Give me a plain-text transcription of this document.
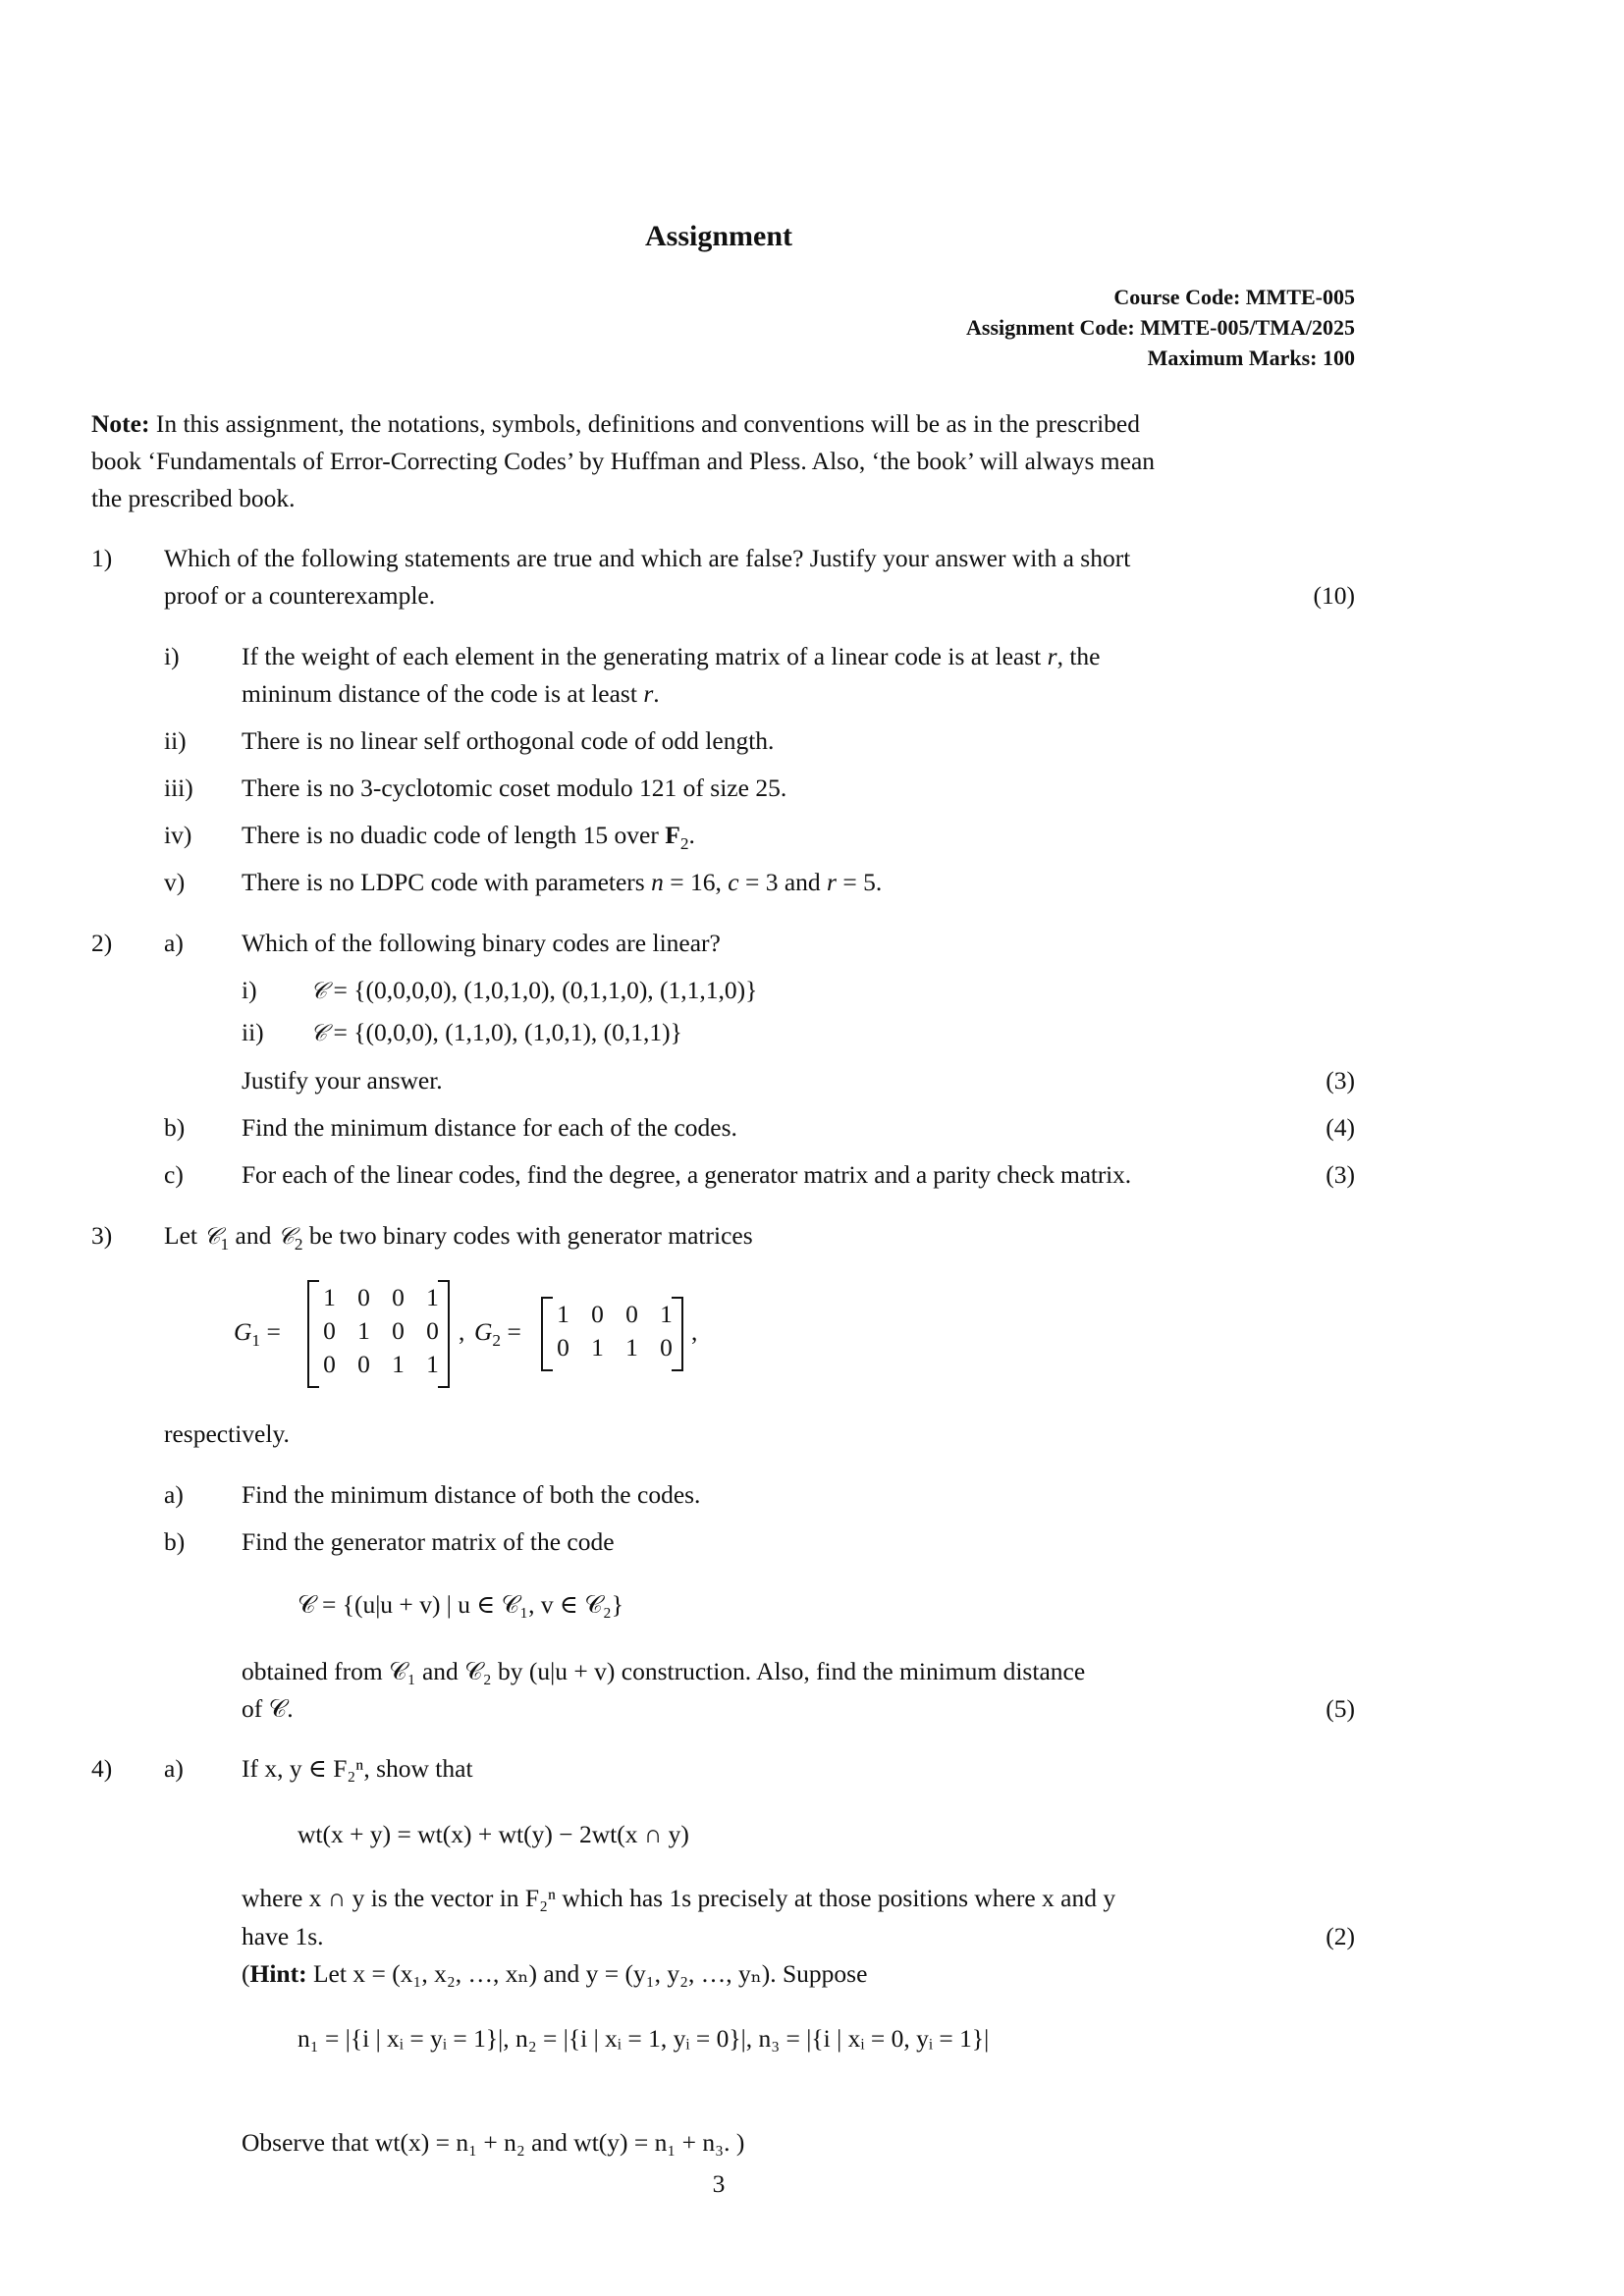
Assignment
Course Code: MMTE-005
Assignment Code: MMTE-005/TMA/2025
Maximum Marks: 100
Note: In this assignment, the notations, symbols, definitions and conventions will be as in the prescribed
book ‘Fundamentals of Error-Correcting Codes’ by Huffman and Pless. Also, ‘the book’ will always mean
the prescribed book.
1) Which of the following statements are true and which are false? Justify your answer with a short
proof or a counterexample.	(10)
i) If the weight of each element in the generating matrix of a linear code is at least r, the
mininum distance of the code is at least r.
ii) There is no linear self orthogonal code of odd length.
iii) There is no 3-cyclotomic coset modulo 121 of size 25.
iv) There is no duadic code of length 15 over $F_2$.
v) There is no LDPC code with parameters n = 16, c = 3 and r = 5.
2) a) Which of the following binary codes are linear?
i) 𝒞 = {(0,0,0,0), (1,0,1,0), (0,1,1,0), (1,1,1,0)}
ii) 𝒞 = {(0,0,0), (1,1,0), (1,0,1), (0,1,1)}
Justify your answer.	(3)
b) Find the minimum distance for each of the codes.	(4)
c) For each of the linear codes, find the degree, a generator matrix and a parity check matrix.	(3)
3) Let 𝒞$_1$ and 𝒞$_2$ be two binary codes with generator matrices
$G_1$ =
1 0 0 1
0 1 0 0
0 0 1 1
, $G_2$ =
1 0 0 1
0 1 1 0
,
respectively.
a) Find the minimum distance of both the codes.
b) Find the generator matrix of the code
𝒞 = {(u|u + v) | u ∈ 𝒞₁, v ∈ 𝒞₂}
obtained from 𝒞₁ and 𝒞₂ by (u|u + v) construction. Also, find the minimum distance
of 𝒞.	(5)
4) a) If x, y ∈ F₂ⁿ, show that
wt(x + y) = wt(x) + wt(y) − 2wt(x ∩ y)
where x ∩ y is the vector in F₂ⁿ which has 1s precisely at those positions where x and y
have 1s.	(2)
(Hint: Let x = (x₁, x₂, …, xₙ) and y = (y₁, y₂, …, yₙ). Suppose
n₁ = |{i | xᵢ = yᵢ = 1}|, n₂ = |{i | xᵢ = 1, yᵢ = 0}|, n₃ = |{i | xᵢ = 0, yᵢ = 1}|
Observe that wt(x) = n₁ + n₂ and wt(y) = n₁ + n₃. )
3
